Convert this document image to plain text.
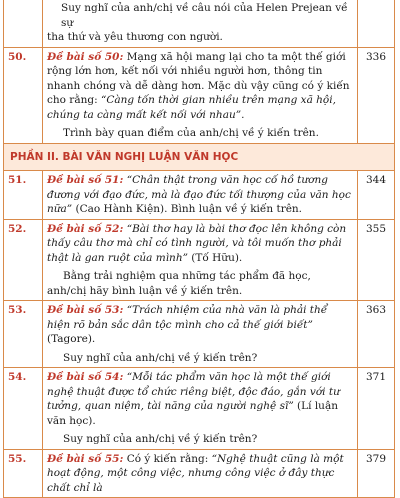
	Suy nghĩ của anh/chị về câu nói của Helen Prejean về sự
tha thứ và yêu thương con người.	

50.	Đề bài số 50: Mạng xã hội mang lại cho ta một thế giới rộng lớn hơn, kết nối với nhiều người hơn, thông tin nhanh chóng và dễ dàng hơn. Mặc dù vậy cũng có ý kiến cho rằng: “Càng tốn thời gian nhiều trên mạng xã hội, chúng ta càng mất kết nối với nhau”.
Trình bày quan điểm của anh/chị về ý kiến trên.	336
PHẦN II. BÀI VĂN NGHỊ LUẬN VĂN HỌC		
51.	Đề bài số 51: “Chân thật trong văn học cố hồ tương đương với đạo đức, mà là đạo đức tối thượng của văn học nữa” (Cao Hành Kiện). Bình luận về ý kiến trên.	344
52.	Đề bài số 52: “Bài thơ hay là bài thơ đọc lên không còn thấy câu thơ mà chỉ có tình người, và tôi muốn thơ phải thật là gan ruột của mình” (Tố Hữu).
Bằng trải nghiệm qua những tác phẩm đã học, anh/chị hãy bình luận về ý kiến trên.	355
53.	Đề bài số 53: “Trách nhiệm của nhà văn là phải thể hiện rõ bản sắc dân tộc mình cho cả thế giới biết” (Tagore).
Suy nghĩ của anh/chị về ý kiến trên?	363
54.	Đề bài số 54: “Mỗi tác phẩm văn học là một thế giới nghệ thuật được tổ chức riêng biệt, độc đáo, gắn với tư tưởng, quan niệm, tài năng của người nghệ sĩ” (Lí luận văn học).
Suy nghĩ của anh/chị về ý kiến trên?	371
55.	Đề bài số 55: Có ý kiến rằng: “Nghệ thuật cũng là một hoạt động, một công việc, nhưng công việc ở đây thực chất chỉ là	379
